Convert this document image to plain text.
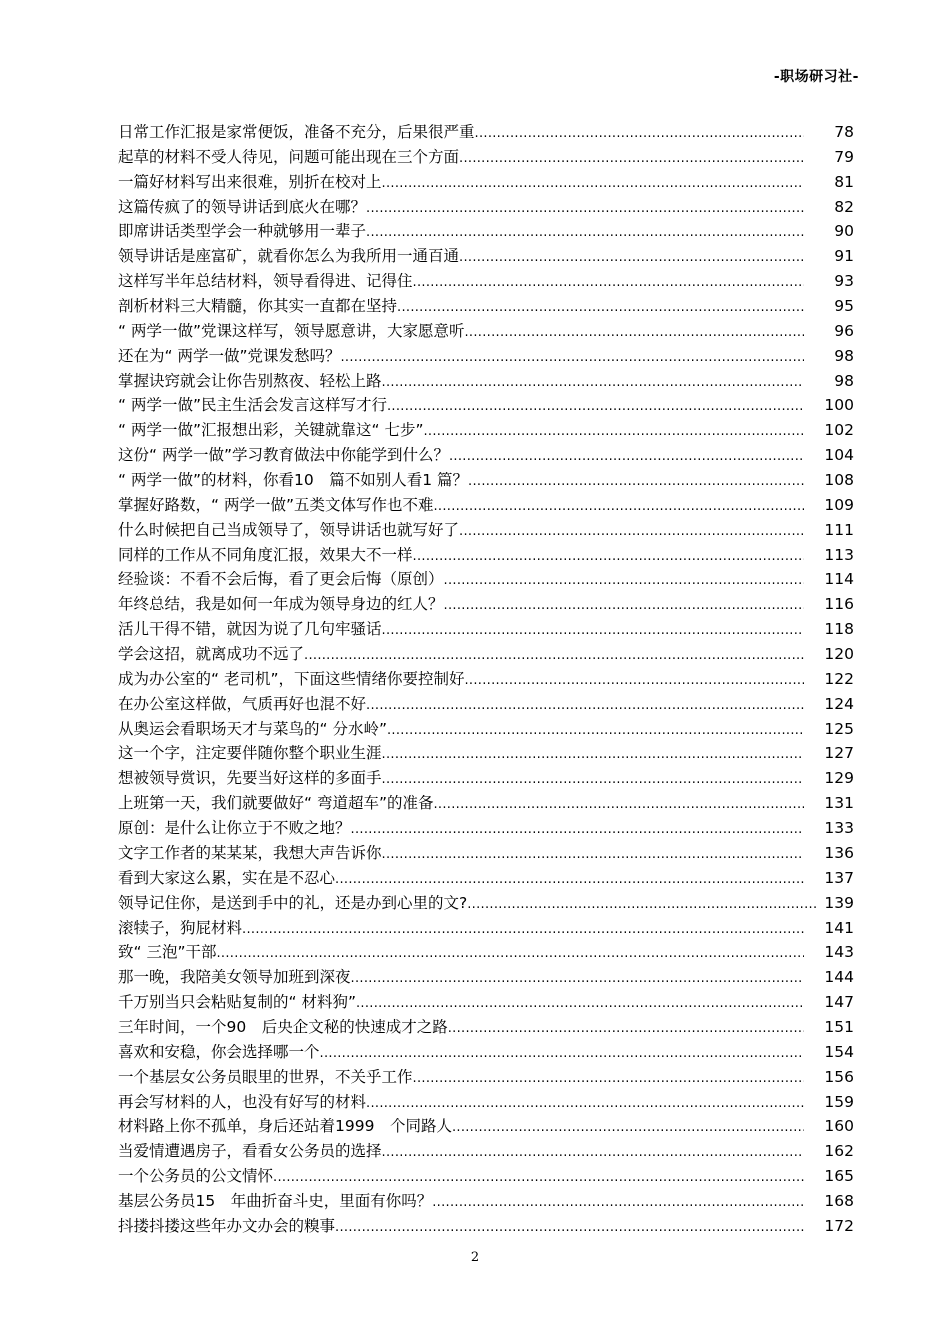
-职场研习社-
日常工作汇报是家常便饭，准备不充分，后果很严重 .....	78
起草的材料不受人待见，问题可能出现在三个方面 .....	79
一篇好材料写出来很难，别折在校对上 .....	81
这篇传疯了的领导讲话到底火在哪？ .....	82
即席讲话类型学会一种就够用一辈子 .....	90
领导讲话是座富矿，就看你怎么为我所用一通百通 .....	91
这样写半年总结材料，领导看得进、记得住 .....	93
剖析材料三大精髓，你其实一直都在坚持 .....	95
“ 两学一做”党课这样写，领导愿意讲，大家愿意听 .....	96
还在为“ 两学一做”党课发愁吗？ .....	98
掌握诀窍就会让你告别熬夜、轻松上路 .....	98
“ 两学一做”民主生活会发言这样写才行 .....	100
“ 两学一做”汇报想出彩，关键就靠这“ 七步” .....	102
这份“ 两学一做”学习教育做法中你能学到什么？ .....	104
“ 两学一做”的材料，你看10　篇不如别人看1 篇？ .....	108
掌握好路数，“ 两学一做”五类文体写作也不难 .....	109
什么时候把自己当成领导了，领导讲话也就写好了 .....	111
同样的工作从不同角度汇报，效果大不一样 .....	113
经验谈：不看不会后悔，看了更会后悔（原创） .....	114
年终总结，我是如何一年成为领导身边的红人？ .....	116
活儿干得不错，就因为说了几句牢骚话 .....	118
学会这招，就离成功不远了 .....	120
成为办公室的“ 老司机”，下面这些情绪你要控制好 .....	122
在办公室这样做，气质再好也混不好 .....	124
从奥运会看职场天才与菜鸟的“ 分水岭” .....	125
这一个字，注定要伴随你整个职业生涯 .....	127
想被领导赏识，先要当好这样的多面手 .....	129
上班第一天，我们就要做好“ 弯道超车”的准备 .....	131
原创：是什么让你立于不败之地？ .....	133
文字工作者的某某某，我想大声告诉你 .....	136
看到大家这么累，实在是不忍心 .....	137
领导记住你，是送到手中的礼，还是办到心里的文? .....	139
滚犊子，狗屁材料 .....	141
致“ 三泡”干部 .....	143
那一晚，我陪美女领导加班到深夜 .....	144
千万别当只会粘贴复制的“ 材料狗” .....	147
三年时间，一个90　后央企文秘的快速成才之路 .....	151
喜欢和安稳，你会选择哪一个 .....	154
一个基层女公务员眼里的世界，不关乎工作 .....	156
再会写材料的人，也没有好写的材料 .....	159
材料路上你不孤单，身后还站着1999　个同路人 .....	160
当爱情遭遇房子，看看女公务员的选择 .....	162
一个公务员的公文情怀 .....	165
基层公务员15　年曲折奋斗史，里面有你吗？ .....	168
抖搂抖搂这些年办文办会的糗事 .....	172
2
